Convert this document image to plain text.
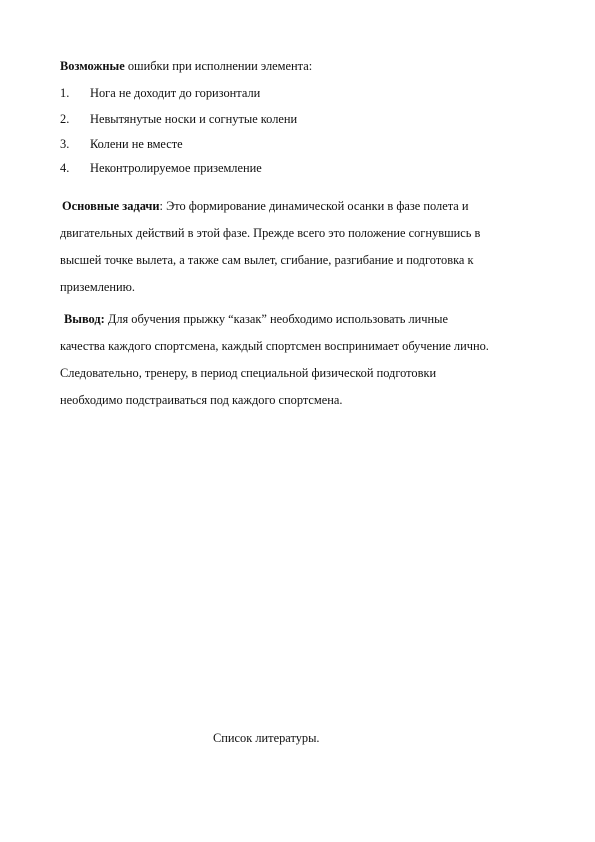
Возможные ошибки при исполнении элемента:
1. Нога не доходит до горизонтали
2. Невытянутые носки и согнутые колени
3. Колени не вместе
4. Неконтролируемое приземление
Основные задачи: Это формирование динамической осанки в фазе полета и
двигательных действий в этой фазе. Прежде всего это положение согнувшись в
высшей точке вылета, а также сам вылет, сгибание, разгибание и подготовка к
приземлению.
Вывод: Для обучения прыжку “казак” необходимо использовать личные
качества каждого спортсмена, каждый спортсмен воспринимает обучение лично.
Следовательно, тренеру, в период специальной физической подготовки
необходимо подстраиваться под каждого спортсмена.
Список литературы.
